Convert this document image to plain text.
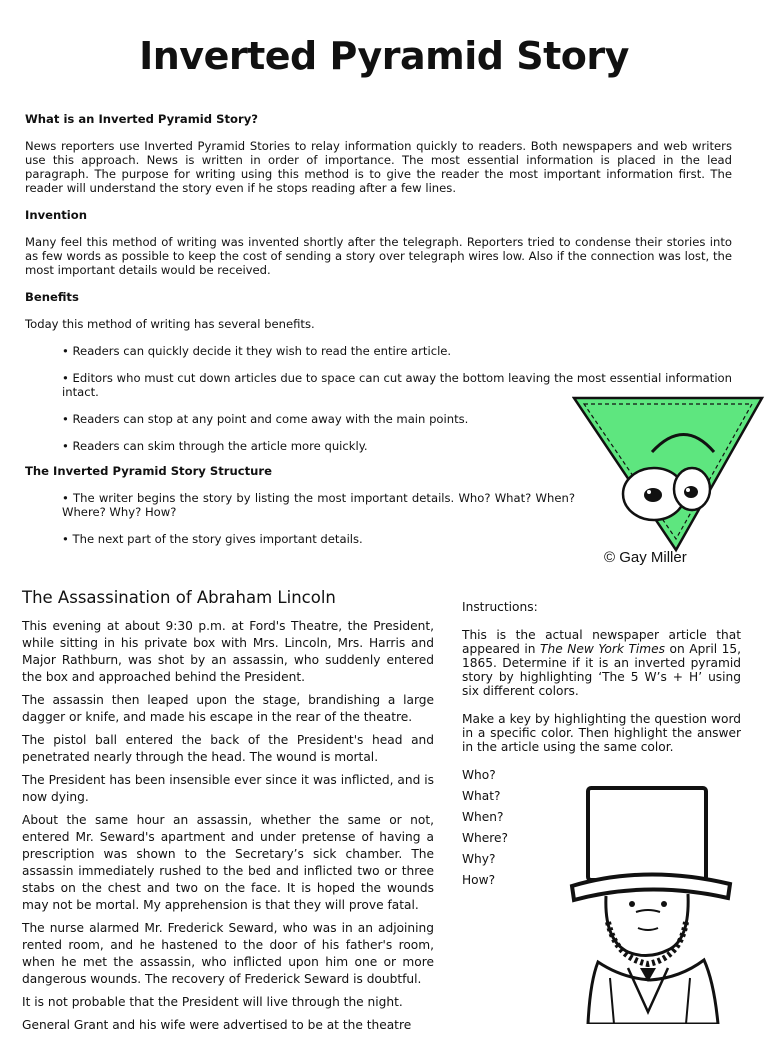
Inverted Pyramid Story
What is an Inverted Pyramid Story?

News reporters use Inverted Pyramid Stories to relay information quickly to readers. Both newspapers and web writers use this approach. News is written in order of importance. The most essential information is placed in the lead paragraph. The purpose for writing using this method is to give the reader the most important information first. The reader will understand the story even if he stops reading after a few lines.

Invention

Many feel this method of writing was invented shortly after the telegraph. Reporters tried to condense their stories into as few words as possible to keep the cost of sending a story over telegraph wires low. Also if the connection was lost, the most important details would be received.

Benefits

Today this method of writing has several benefits.

• Readers can quickly decide it they wish to read the entire article.

• Editors who must cut down articles due to space can cut away the bottom leaving the most essential information intact.

• Readers can stop at any point and come away with the main points.

• Readers can skim through the article more quickly.

The Inverted Pyramid Story Structure

• The writer begins the story by listing the most important details. Who? What? When? Where? Why? How?

• The next part of the story gives important details.

© Gay Miller
The Assassination of Abraham Lincoln

This evening at about 9:30 p.m. at Ford's Theatre, the President, while sitting in his private box with Mrs. Lincoln, Mrs. Harris and Major Rathburn, was shot by an assassin, who suddenly entered the box and approached behind the President.

The assassin then leaped upon the stage, brandishing a large dagger or knife, and made his escape in the rear of the theatre.

The pistol ball entered the back of the President's head and penetrated nearly through the head. The wound is mortal.

The President has been insensible ever since it was inflicted, and is now dying.

About the same hour an assassin, whether the same or not, entered Mr. Seward's apartment and under pretense of having a prescription was shown to the Secretary’s sick chamber. The assassin immediately rushed to the bed and inflicted two or three stabs on the chest and two on the face. It is hoped the wounds may not be mortal. My apprehension is that they will prove fatal.

The nurse alarmed Mr. Frederick Seward, who was in an adjoining rented room, and he hastened to the door of his father's room, when he met the assassin, who inflicted upon him one or more dangerous wounds. The recovery of Frederick Seward is doubtful.

It is not probable that the President will live through the night.

General Grant and his wife were advertised to be at the theatre

Instructions:

This is the actual newspaper article that appeared in The New York Times on April 15, 1865. Determine if it is an inverted pyramid story by highlighting ‘The 5 W’s + H’ using six different colors.

Make a key by highlighting the question word in a specific color. Then highlight the answer in the article using the same color.

Who?
What?
When?
Where?
Why?
How?
